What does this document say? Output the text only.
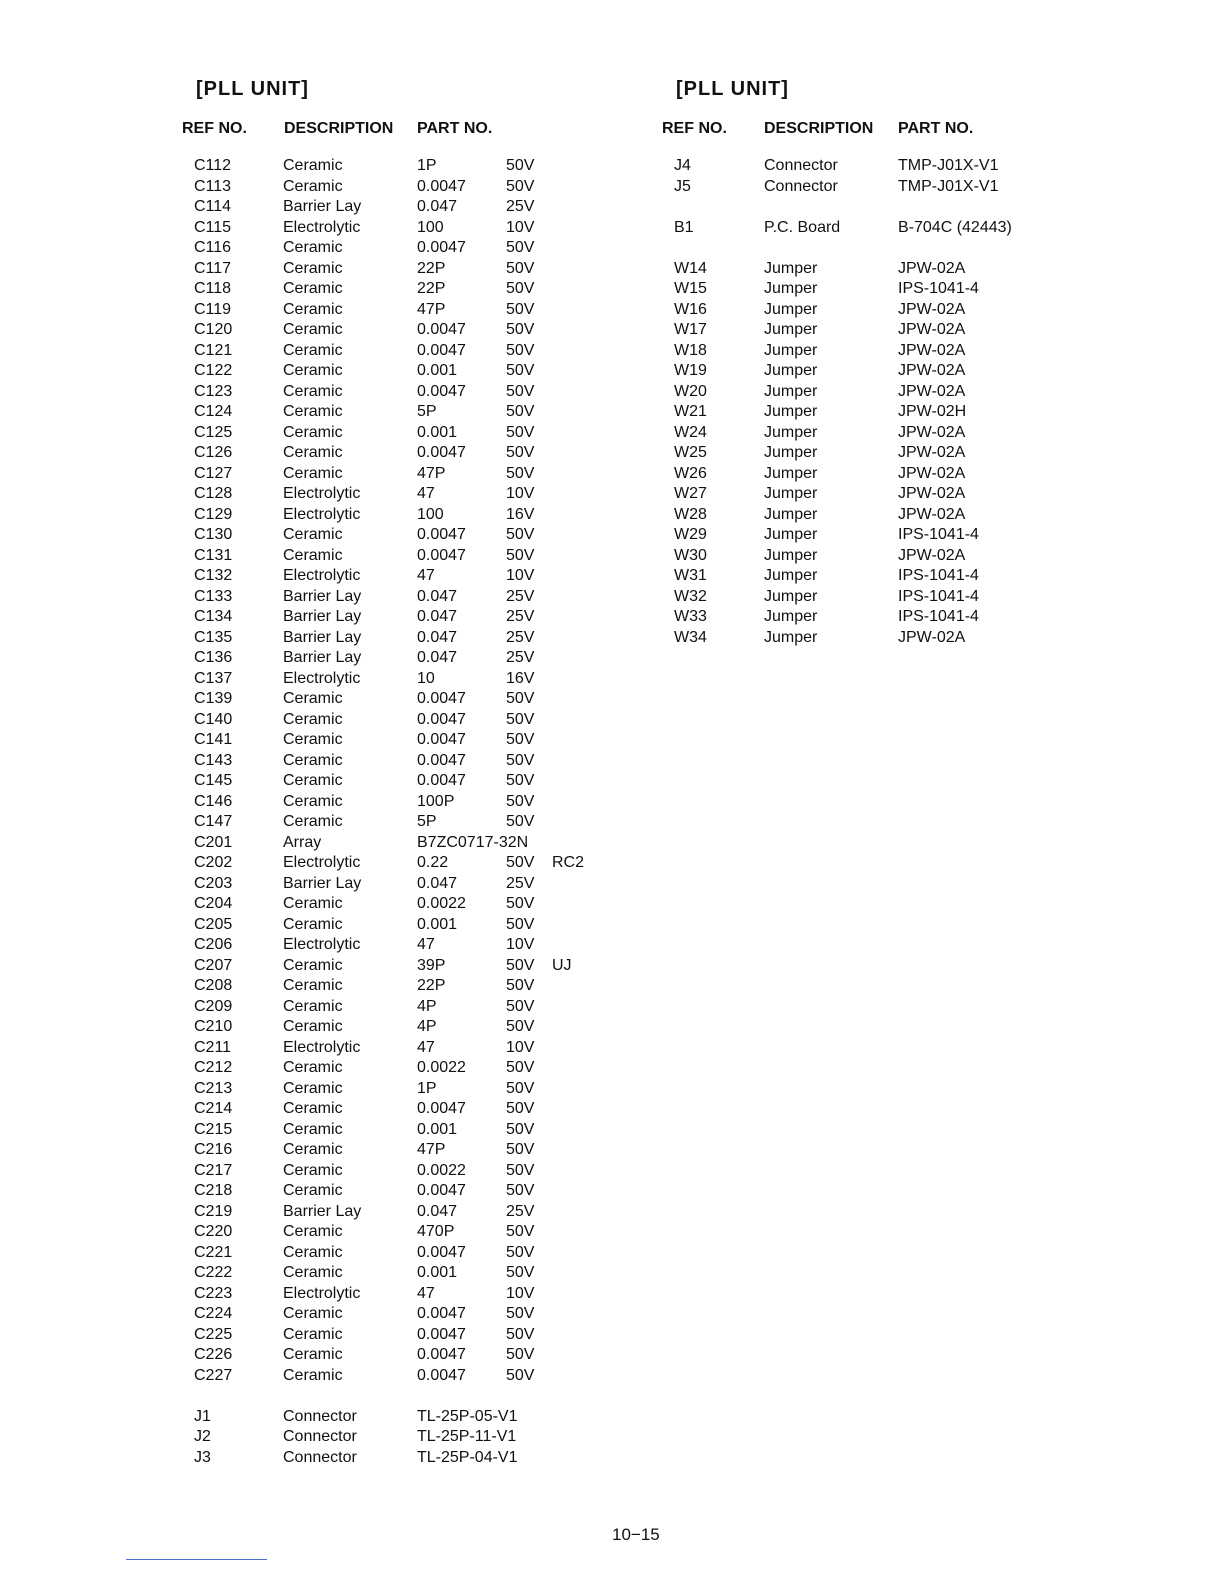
[PLL UNIT]
REF NO. DESCRIPTION PART NO.
C112	Ceramic	1P	50V
C113	Ceramic	0.0047	50V
C114	Barrier Lay	0.047	25V
C115	Electrolytic	100	10V
C116	Ceramic	0.0047	50V
C117	Ceramic	22P	50V
C118	Ceramic	22P	50V
C119	Ceramic	47P	50V
C120	Ceramic	0.0047	50V
C121	Ceramic	0.0047	50V
C122	Ceramic	0.001	50V
C123	Ceramic	0.0047	50V
C124	Ceramic	5P	50V
C125	Ceramic	0.001	50V
C126	Ceramic	0.0047	50V
C127	Ceramic	47P	50V
C128	Electrolytic	47	10V
C129	Electrolytic	100	16V
C130	Ceramic	0.0047	50V
C131	Ceramic	0.0047	50V
C132	Electrolytic	47	10V
C133	Barrier Lay	0.047	25V
C134	Barrier Lay	0.047	25V
C135	Barrier Lay	0.047	25V
C136	Barrier Lay	0.047	25V
C137	Electrolytic	10	16V
C139	Ceramic	0.0047	50V
C140	Ceramic	0.0047	50V
C141	Ceramic	0.0047	50V
C143	Ceramic	0.0047	50V
C145	Ceramic	0.0047	50V
C146	Ceramic	100P	50V
C147	Ceramic	5P	50V
C201	Array	B7ZC0717-32N
C202	Electrolytic	0.22	50V RC2
C203	Barrier Lay	0.047	25V
C204	Ceramic	0.0022	50V
C205	Ceramic	0.001	50V
C206	Electrolytic	47	10V
C207	Ceramic	39P	50V UJ
C208	Ceramic	22P	50V
C209	Ceramic	4P	50V
C210	Ceramic	4P	50V
C211	Electrolytic	47	10V
C212	Ceramic	0.0022	50V
C213	Ceramic	1P	50V
C214	Ceramic	0.0047	50V
C215	Ceramic	0.001	50V
C216	Ceramic	47P	50V
C217	Ceramic	0.0022	50V
C218	Ceramic	0.0047	50V
C219	Barrier Lay	0.047	25V
C220	Ceramic	470P	50V
C221	Ceramic	0.0047	50V
C222	Ceramic	0.001	50V
C223	Electrolytic	47	10V
C224	Ceramic	0.0047	50V
C225	Ceramic	0.0047	50V
C226	Ceramic	0.0047	50V
C227	Ceramic	0.0047	50V
J1	Connector	TL-25P-05-V1
J2	Connector	TL-25P-11-V1
J3	Connector	TL-25P-04-V1
[PLL UNIT]
REF NO. DESCRIPTION PART NO.
J4	Connector	TMP-J01X-V1
J5	Connector	TMP-J01X-V1
B1	P.C. Board	B-704C (42443)
W14	Jumper	JPW-02A
W15	Jumper	IPS-1041-4
W16	Jumper	JPW-02A
W17	Jumper	JPW-02A
W18	Jumper	JPW-02A
W19	Jumper	JPW-02A
W20	Jumper	JPW-02A
W21	Jumper	JPW-02H
W24	Jumper	JPW-02A
W25	Jumper	JPW-02A
W26	Jumper	JPW-02A
W27	Jumper	JPW-02A
W28	Jumper	JPW-02A
W29	Jumper	IPS-1041-4
W30	Jumper	JPW-02A
W31	Jumper	IPS-1041-4
W32	Jumper	IPS-1041-4
W33	Jumper	IPS-1041-4
W34	Jumper	JPW-02A
10−15
